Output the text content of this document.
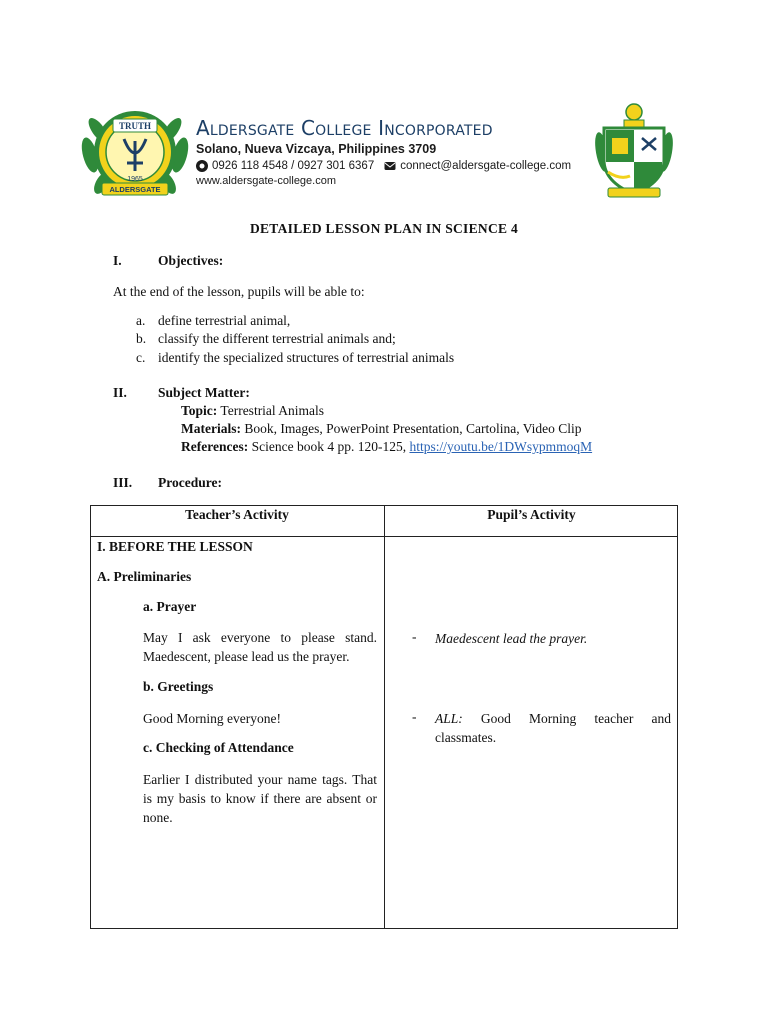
TRUTH
1965
ALDERSGATE
Aldersgate College Incorporated
Solano, Nueva Vizcaya, Philippines 3709
0926 118 4548 / 0927 301 6367 connect@aldersgate-college.com
www.aldersgate-college.com
DETAILED LESSON PLAN IN SCIENCE 4
I.	Objectives:
At the end of the lesson, pupils will be able to:
a. define terrestrial animal,
b. classify the different terrestrial animals and;
c. identify the specialized structures of terrestrial animals
II. Subject Matter:
Topic: Terrestrial Animals
Materials: Book, Images, PowerPoint Presentation, Cartolina, Video Clip
References: Science book 4 pp. 120-125, https://youtu.be/1DWsypmmoqM
III. Procedure:
Teacher’s Activity	Pupil’s Activity
I. BEFORE THE LESSON
A. Preliminaries
a. Prayer
May I ask everyone to please stand. Maedescent, please lead us the prayer.
b. Greetings
Good Morning everyone!
c. Checking of Attendance
Earlier I distributed your name tags. That is my basis to know if there are absent or none.
- Maedescent lead the prayer.
- ALL: Good Morning teacher and classmates.
